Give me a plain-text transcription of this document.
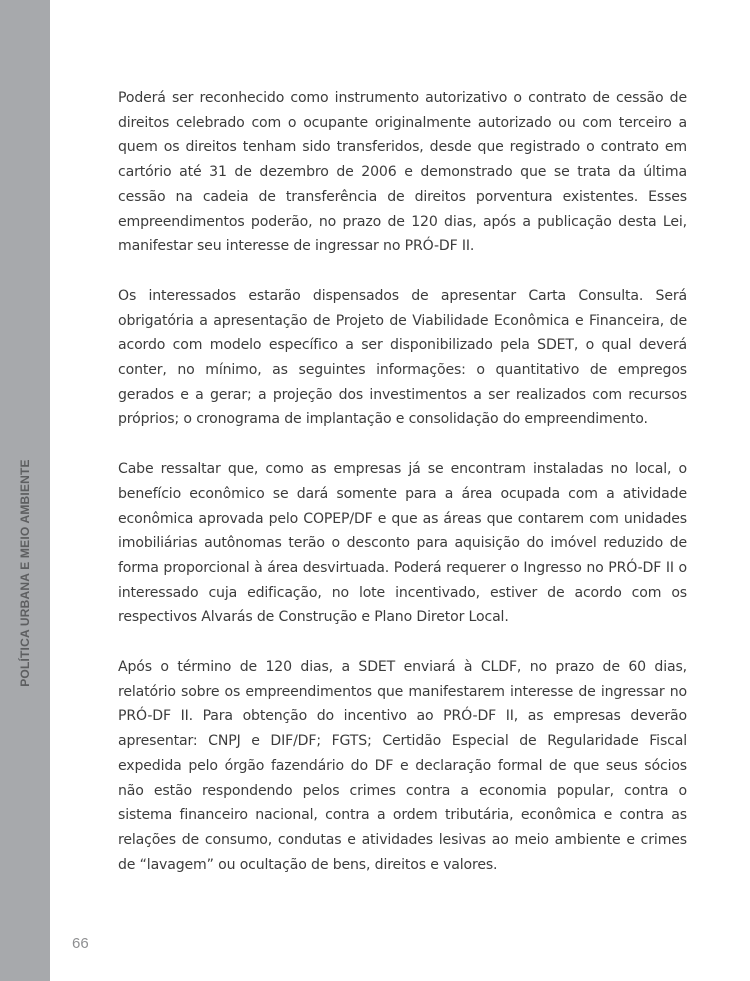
POLÍTICA URBANA E MEIO AMBIENTE

Poderá ser reconhecido como instrumento autorizativo o contrato de cessão de direitos celebrado com o ocupante originalmente autorizado ou com terceiro a quem os direitos tenham sido transferidos, desde que registrado o contrato em cartório até 31 de dezembro de 2006 e demonstrado que se trata da última cessão na cadeia de transferência de direitos porventura existentes. Esses empreendimentos poderão, no prazo de 120 dias, após a publicação desta Lei, manifestar seu interesse de ingressar no PRÓ-DF II.

Os interessados estarão dispensados de apresentar Carta Consulta. Será obrigatória a apresentação de Projeto de Viabilidade Econômica e Financeira, de acordo com modelo específico a ser disponibilizado pela SDET, o qual deverá conter, no mínimo, as seguintes informações: o quantitativo de empregos gerados e a gerar; a projeção dos investimentos a ser realizados com recursos próprios; o cronograma de implantação e consolidação do empreendimento.

Cabe ressaltar que, como as empresas já se encontram instaladas no local, o benefício econômico se dará somente para a área ocupada com a atividade econômica aprovada pelo COPEP/DF e que as áreas que contarem com unidades imobiliárias autônomas terão o desconto para aquisição do imóvel reduzido de forma proporcional à área desvirtuada. Poderá requerer o Ingresso no PRÓ-DF II o interessado cuja edificação, no lote incentivado, estiver de acordo com os respectivos Alvarás de Construção e Plano Diretor Local.

Após o término de 120 dias, a SDET enviará à CLDF, no prazo de 60 dias, relatório sobre os empreendimentos que manifestarem interesse de ingressar no PRÓ-DF II. Para obtenção do incentivo ao PRÓ-DF II, as empresas deverão apresentar: CNPJ e DIF/DF; FGTS; Certidão Especial de Regularidade Fiscal expedida pelo órgão fazendário do DF e declaração formal de que seus sócios não estão respondendo pelos crimes contra a economia popular, contra o sistema financeiro nacional, contra a ordem tributária, econômica e contra as relações de consumo, condutas e atividades lesivas ao meio ambiente e crimes de “lavagem” ou ocultação de bens, direitos e valores.

66
